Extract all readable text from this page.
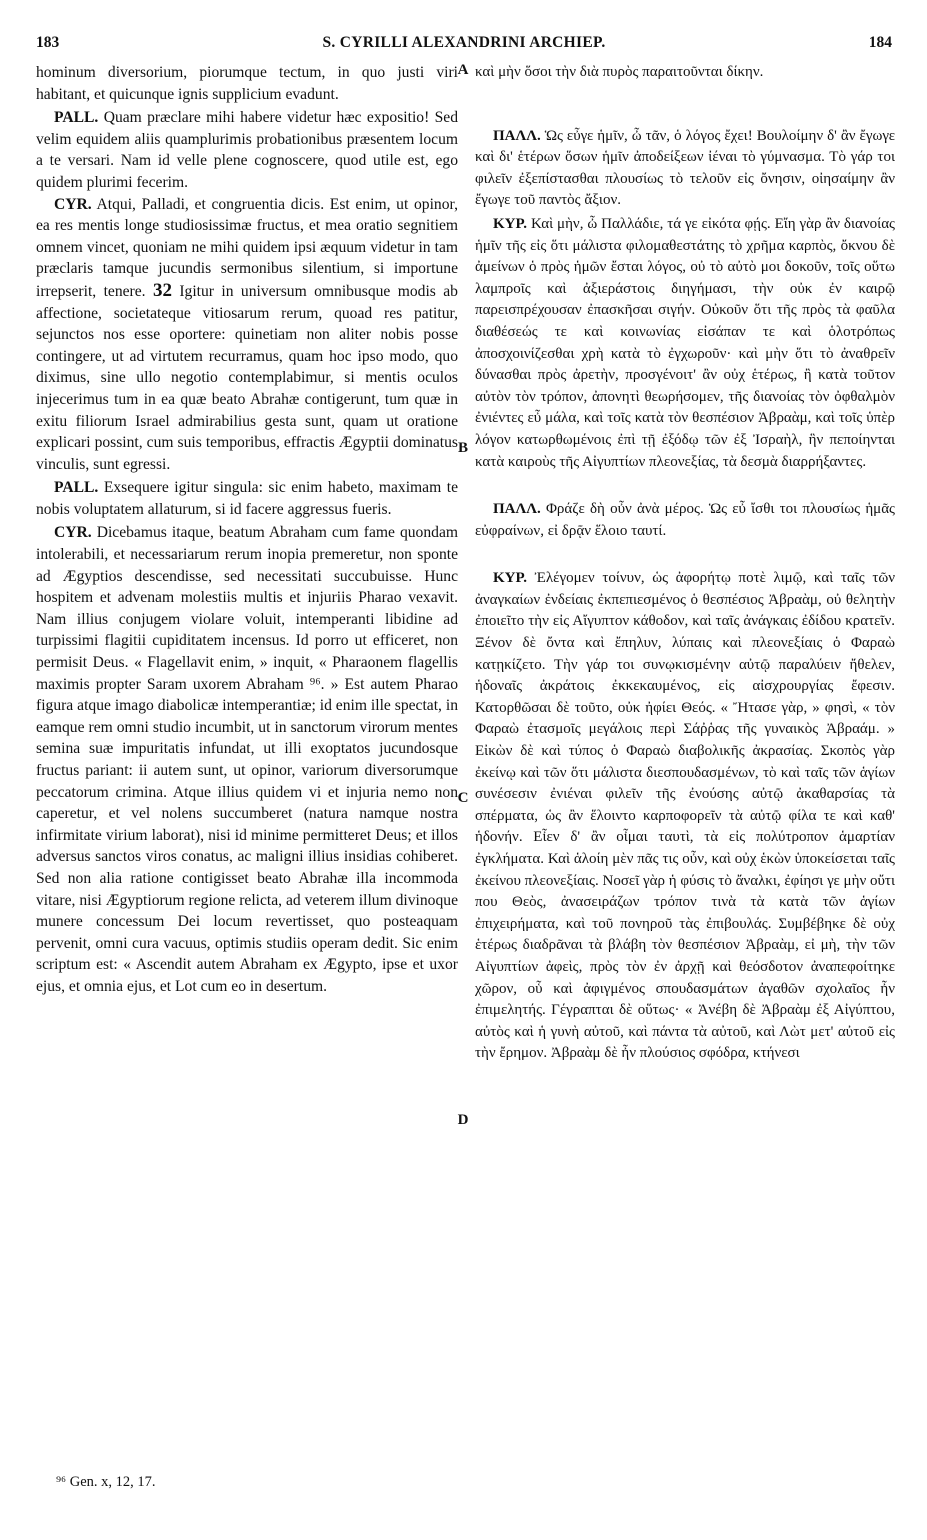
183	S. CYRILLI ALEXANDRINI ARCHIEP.	184

hominum diversorium, piorumque tectum, in quo justi viri habitant, et quicunque ignis supplicium evadunt.

PALL. Quam præclare mihi habere videtur hæc expositio! Sed velim equidem aliis quamplurimis probationibus præsentem locum a te versari. Nam id velle plene cognoscere, quod utile est, ego quidem plurimi fecerim.

CYR. Atqui, Palladi, et congruentia dicis. Est enim, ut opinor, ea res mentis longe studiosissimæ fructus, et mea oratio segnitiem omnem vincet, quoniam ne mihi quidem ipsi æquum videtur in tam præclaris tamque jucundis sermonibus silentium, si importune irrepserit, tenere. 32 Igitur in universum omnibusque modis ab affectione, societateque vitiosarum rerum, quoad res patitur, sejunctos nos esse oportere: quinetiam non aliter nobis posse contingere, ut ad virtutem recurramus, quam hoc ipso modo, quo diximus, sine ullo negotio contemplabimur, si mentis oculos injecerimus tum in ea quæ beato Abrahæ contigerunt, tum quæ in exitu filiorum Israel admirabilius gesta sunt, quam ut oratione explicari possint, cum suis temporibus, effractis Ægyptii dominatus vinculis, sunt egressi.

PALL. Exsequere igitur singula: sic enim habeto, maximam te nobis voluptatem allaturum, si id facere aggressus fueris.

CYR. Dicebamus itaque, beatum Abraham cum fame quondam intolerabili, et necessariarum rerum inopia premeretur, non sponte ad Ægyptios descendisse, sed necessitati succubuisse. Hunc hospitem et advenam molestiis multis et injuriis Pharao vexavit. Nam illius conjugem violare voluit, intemperanti libidine ad turpissimi flagitii cupiditatem incensus. Id porro ut efficeret, non permisit Deus. « Flagellavit enim, » inquit, « Pharaonem flagellis maximis propter Saram uxorem Abraham ⁹⁶. » Est autem Pharao figura atque imago diabolicæ intemperantiæ; id enim ille spectat, in eamque rem omni studio incumbit, ut in sanctorum virorum mentes semina suæ impuritatis infundat, ut illi exoptatos jucundosque fructus pariant: ii autem sunt, ut opinor, variorum diversorumque peccatorum crimina. Atque illius quidem vi et injuria nemo non caperetur, et vel nolens succumberet (natura namque nostra infirmitate virium laborat), nisi id minime permitteret Deus; et illos adversus sanctos viros conatus, ac maligni illius insidias cohiberet. Sed non alia ratione contigisset beato Abrahæ illa incommoda vitare, nisi Ægyptiorum regione relicta, ad veterem illum divinoque munere concessum Dei locum revertisset, quo posteaquam pervenit, omni cura vacuus, optimis studiis operam dedit. Sic enim scriptum est: « Ascendit autem Abraham ex Ægypto, ipse et uxor ejus, et omnia ejus, et Lot cum eo in desertum.

A
B
C
D

καὶ μὴν ὅσοι τὴν διὰ πυρὸς παραιτοῦνται δίκην.

ΠΑΛΛ. Ὡς εὖγε ἡμῖν, ὦ τᾶν, ὁ λόγος ἔχει! Βουλοίμην δ' ἂν ἔγωγε καὶ δι' ἑτέρων ὅσων ἡμῖν ἀποδείξεων ἰέναι τὸ γύμνασμα. Τὸ γάρ τοι φιλεῖν ἐξεπίστασθαι πλουσίως τὸ τελοῦν εἰς ὄνησιν, οἰησαίμην ἂν ἔγωγε τοῦ παντὸς ἄξιον.

ΚΥΡ. Καὶ μὴν, ὦ Παλλάδιε, τά γε εἰκότα φῄς. Εἴη γὰρ ἂν διανοίας ἡμῖν τῆς εἰς ὅτι μάλιστα φιλομαθεστάτης τὸ χρῆμα καρπὸς, ὄκνου δὲ ἀμείνων ὁ πρὸς ἡμῶν ἔσται λόγος, οὐ τὸ αὐτὸ μοι δοκοῦν, τοῖς οὕτω λαμπροῖς καὶ ἀξιεράστοις διηγήμασι, τὴν οὐκ ἐν καιρῷ παρεισπρέχουσαν ἐπασκῆσαι σιγήν. Οὐκοῦν ὅτι τῆς πρὸς τὰ φαῦλα διαθέσεώς τε καὶ κοινωνίας εἰσάπαν τε καὶ ὁλοτρόπως ἀποσχοινίζεσθαι χρὴ κατὰ τὸ ἐγχωροῦν· καὶ μὴν ὅτι τὸ ἀναθρεῖν δύνασθαι πρὸς ἀρετὴν, προσγένοιτ' ἂν οὐχ ἑτέρως, ἢ κατὰ τοῦτον αὐτὸν τὸν τρόπον, ἀπονητὶ θεωρήσομεν, τῆς διανοίας τὸν ὀφθαλμὸν ἐνιέντες εὖ μάλα, καὶ τοῖς κατὰ τὸν θεσπέσιον Ἀβραὰμ, καὶ τοῖς ὑπὲρ λόγον κατωρθωμένοις ἐπὶ τῇ ἐξόδῳ τῶν ἐξ Ἰσραὴλ, ἣν πεποίηνται κατὰ καιροὺς τῆς Αἰγυπτίων πλεονεξίας, τὰ δεσμὰ διαρρήξαντες.

ΠΑΛΛ. Φράζε δὴ οὖν ἀνὰ μέρος. Ὡς εὖ ἴσθι τοι πλουσίως ἡμᾶς εὐφραίνων, εἰ δρᾷν ἕλοιο ταυτί.

ΚΥΡ. Ἐλέγομεν τοίνυν, ὡς ἀφορήτῳ ποτὲ λιμῷ, καὶ ταῖς τῶν ἀναγκαίων ἐνδείαις ἐκπεπιεσμένος ὁ θεσπέσιος Ἀβραὰμ, οὐ θελητὴν ἐποιεῖτο τὴν εἰς Αἴγυπτον κάθοδον, καὶ ταῖς ἀνάγκαις ἐδίδου κρατεῖν. Ξένον δὲ ὄντα καὶ ἔπηλυν, λύπαις καὶ πλεονεξίαις ὁ Φαραὼ κατῃκίζετο. Τὴν γάρ τοι συνῳκισμένην αὐτῷ παραλύειν ἤθελεν, ἡδοναῖς ἀκράτοις ἐκκεκαυμένος, εἰς αἰσχρουργίας ἔφεσιν. Κατορθῶσαι δὲ τοῦτο, οὐκ ἠφίει Θεός. « Ἤτασε γὰρ, » φησὶ, « τὸν Φαραὼ ἐτασμοῖς μεγάλοις περὶ Σάῤῥας τῆς γυναικὸς Ἀβραάμ. » Εἰκὼν δὲ καὶ τύπος ὁ Φαραὼ διαβολικῆς ἀκρασίας. Σκοπὸς γὰρ ἐκείνῳ καὶ τῶν ὅτι μάλιστα διεσπουδασμένων, τὸ καὶ ταῖς τῶν ἁγίων συνέσεσιν ἐνιέναι φιλεῖν τῆς ἐνούσης αὐτῷ ἀκαθαρσίας τὰ σπέρματα, ὡς ἂν ἕλοιντο καρποφορεῖν τὰ αὐτῷ φίλα τε καὶ καθ' ἡδονήν. Εἶεν δ' ἂν οἶμαι ταυτὶ, τὰ εἰς πολύτροπον ἁμαρτίαν ἐγκλήματα. Καὶ ἁλοίη μὲν πᾶς τις οὖν, καὶ οὐχ ἑκὼν ὑποκείσεται ταῖς ἐκείνου πλεονεξίαις. Νοσεῖ γὰρ ἡ φύσις τὸ ἄναλκι, ἐφίησι γε μὴν οὔτι που Θεὸς, ἀνασειράζων τρόπον τινὰ τὰ κατὰ τῶν ἁγίων ἐπιχειρήματα, καὶ τοῦ πονηροῦ τὰς ἐπιβουλάς. Συμβέβηκε δὲ οὐχ ἑτέρως διαδρᾶναι τὰ βλάβη τὸν θεσπέσιον Ἀβραὰμ, εἰ μὴ, τὴν τῶν Αἰγυπτίων ἀφεὶς, πρὸς τὸν ἐν ἀρχῇ καὶ θεόσδοτον ἀναπεφοίτηκε χῶρον, οὗ καὶ ἀφιγμένος σπουδασμάτων ἀγαθῶν σχολαῖος ἦν ἐπιμελητής. Γέγραπται δὲ οὕτως· « Ἀνέβη δὲ Ἀβραὰμ ἐξ Αἰγύπτου, αὐτὸς καὶ ἡ γυνὴ αὐτοῦ, καὶ πάντα τὰ αὐτοῦ, καὶ Λὼτ μετ' αὐτοῦ εἰς τὴν ἔρημον. Ἀβραὰμ δὲ ἦν πλούσιος σφόδρα, κτήνεσι

⁹⁶ Gen. x, 12, 17.
